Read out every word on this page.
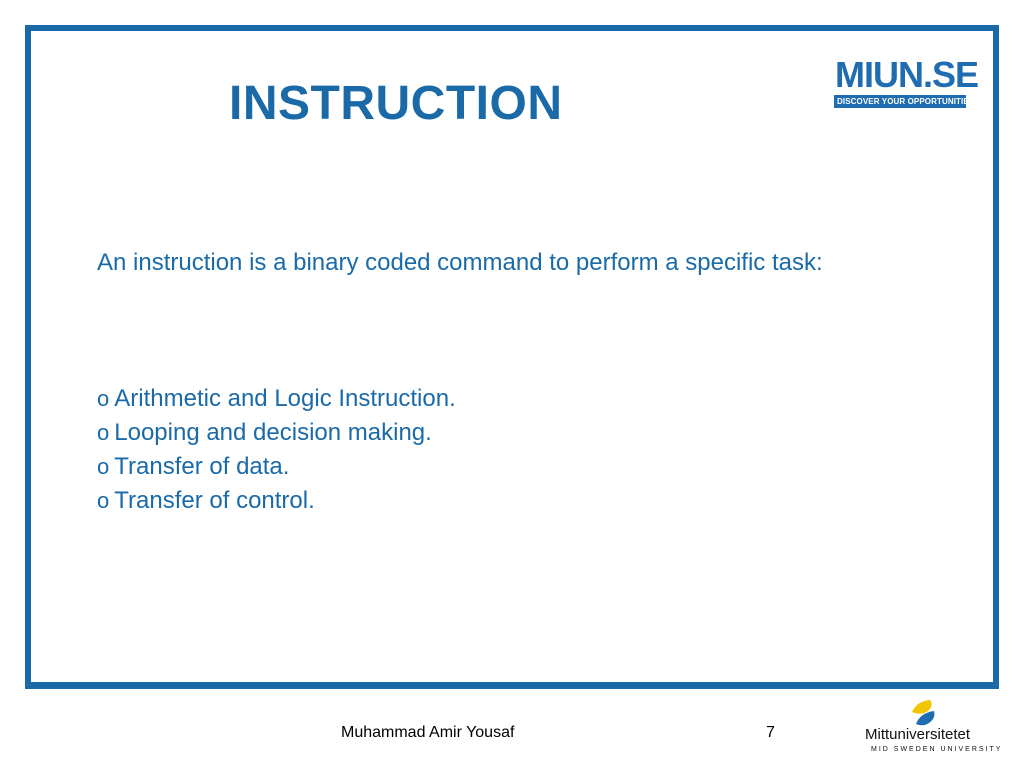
INSTRUCTION
MIUN.SE
DISCOVER YOUR OPPORTUNITIES

An instruction is a binary coded command to perform a specific task:

o Arithmetic and Logic Instruction.
o Looping and decision making.
o Transfer of data.
o Transfer of control.
Muhammad Amir Yousaf	7	Mittuniversitetet
MID SWEDEN UNIVERSITY
